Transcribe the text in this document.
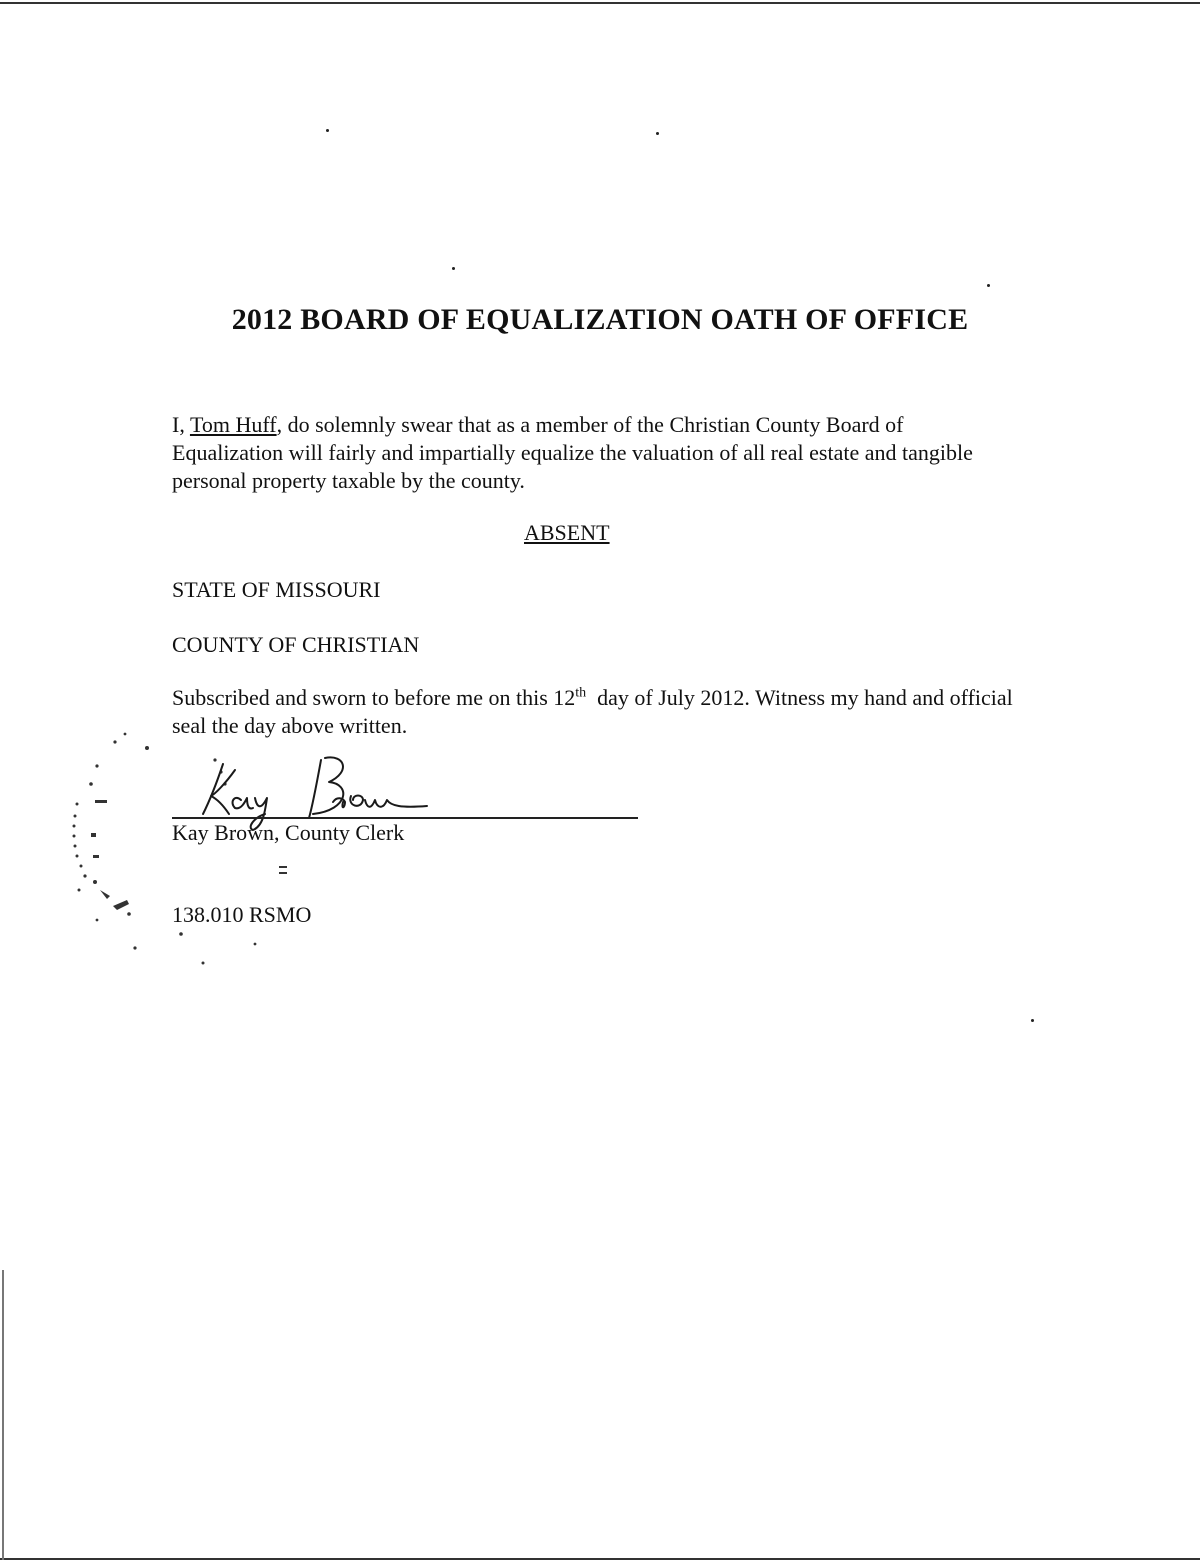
2012 BOARD OF EQUALIZATION OATH OF OFFICE

I, Tom Huff, do solemnly swear that as a member of the Christian County Board of Equalization will fairly and impartially equalize the valuation of all real estate and tangible personal property taxable by the county.

ABSENT

STATE OF MISSOURI

COUNTY OF CHRISTIAN

Subscribed and sworn to before me on this 12th  day of July 2012. Witness my hand and official seal the day above written.

Kay Brown, County Clerk

138.010 RSMO
